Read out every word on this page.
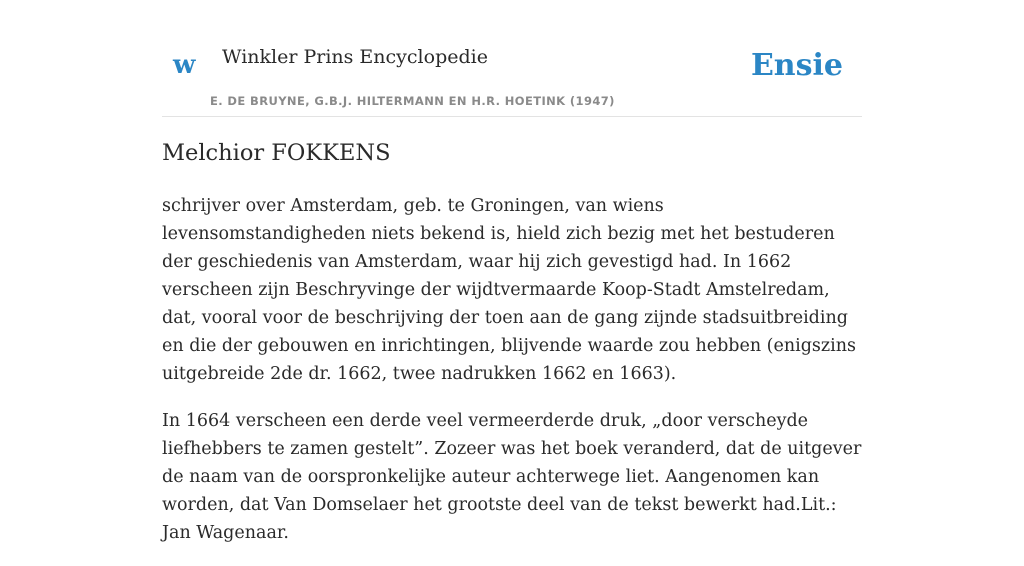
w Winkler Prins Encyclopedie
E. DE BRUYNE, G.B.J. HILTERMANN EN H.R. HOETINK (1947)
Ensie
Melchior FOKKENS

schrijver over Amsterdam, geb. te Groningen, van wiens levensomstandigheden niets bekend is, hield zich bezig met het bestuderen der geschiedenis van Amsterdam, waar hij zich gevestigd had. In 1662 verscheen zijn Beschryvinge der wijdtvermaarde Koop-Stadt Amstelredam, dat, vooral voor de beschrijving der toen aan de gang zijnde stadsuitbreiding en die der gebouwen en inrichtingen, blijvende waarde zou hebben (enigszins uitgebreide 2de dr. 1662, twee nadrukken 1662 en 1663).

In 1664 verscheen een derde veel vermeerderde druk, „door verscheyde liefhebbers te zamen gestelt”. Zozeer was het boek veranderd, dat de uitgever de naam van de oorspronkelijke auteur achterwege liet. Aangenomen kan worden, dat Van Domselaer het grootste deel van de tekst bewerkt had.Lit.: Jan Wagenaar.
